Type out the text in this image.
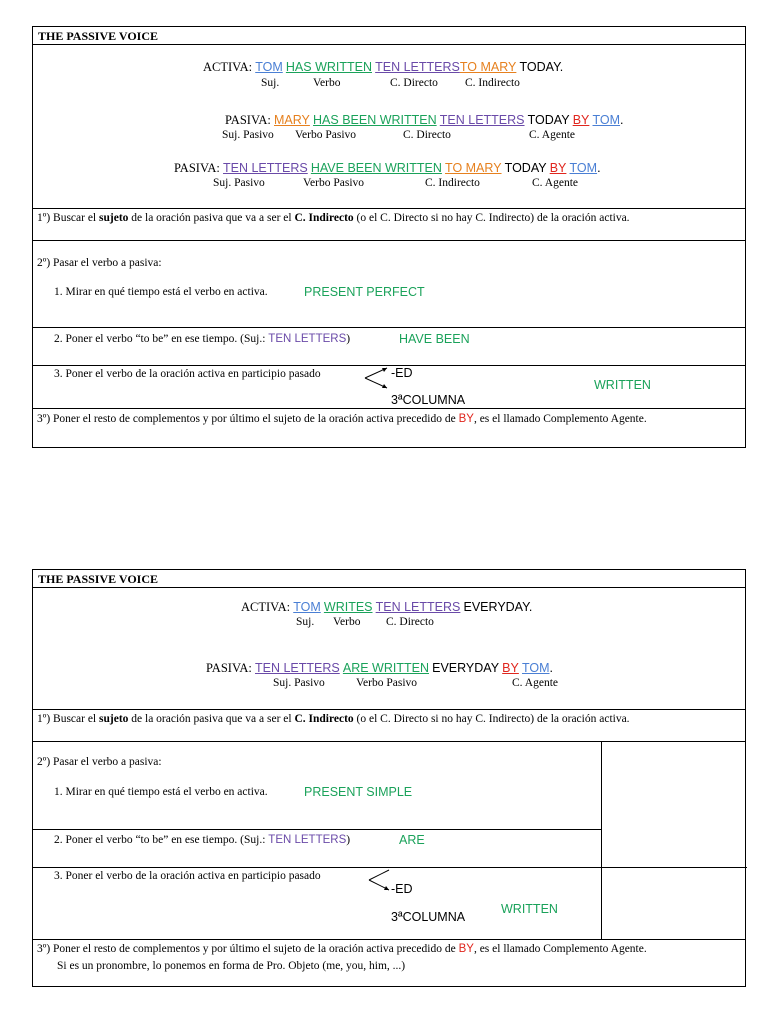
THE PASSIVE VOICE
ACTIVA: TOM HAS WRITTEN TEN LETTERSTO MARY TODAY.
Suj.	Verbo	C. Directo C. Indirecto
PASIVA: MARY HAS BEEN WRITTEN TEN LETTERS TODAY BY TOM.
Suj. Pasivo Verbo Pasivo	C. Directo	C. Agente
PASIVA: TEN LETTERS HAVE BEEN WRITTEN TO MARY TODAY BY TOM.
Suj. Pasivo	Verbo Pasivo	C. Indirecto	C. Agente
1º) Buscar el sujeto de la oración pasiva que va a ser el C. Indirecto (o el C. Directo si no hay C. Indirecto) de la oración activa.
2º) Pasar el verbo a pasiva:
1. Mirar en qué tiempo está el verbo en activa.	PRESENT PERFECT
2. Poner el verbo “to be” en ese tiempo. (Suj.: TEN LETTERS)	HAVE BEEN
3. Poner el verbo de la oración activa en participio pasado	-ED
3ªCOLUMNA
WRITTEN
3º) Poner el resto de complementos y por último el sujeto de la oración activa precedido de BY, es el llamado Complemento Agente.
THE PASSIVE VOICE
ACTIVA: TOM WRITES TEN LETTERS EVERYDAY.
Suj. Verbo C. Directo
PASIVA: TEN LETTERS ARE WRITTEN EVERYDAY BY TOM.
Suj. Pasivo	Verbo Pasivo	C. Agente
1º) Buscar el sujeto de la oración pasiva que va a ser el C. Indirecto (o el C. Directo si no hay C. Indirecto) de la oración activa.
2º) Pasar el verbo a pasiva:
1. Mirar en qué tiempo está el verbo en activa.	PRESENT SIMPLE
2. Poner el verbo “to be” en ese tiempo. (Suj.: TEN LETTERS)	ARE
3. Poner el verbo de la oración activa en participio pasado
-ED
3ªCOLUMNA
WRITTEN
3º) Poner el resto de complementos y por último el sujeto de la oración activa precedido de BY, es el llamado Complemento Agente.
Si es un pronombre, lo ponemos en forma de Pro. Objeto (me, you, him, ...)
